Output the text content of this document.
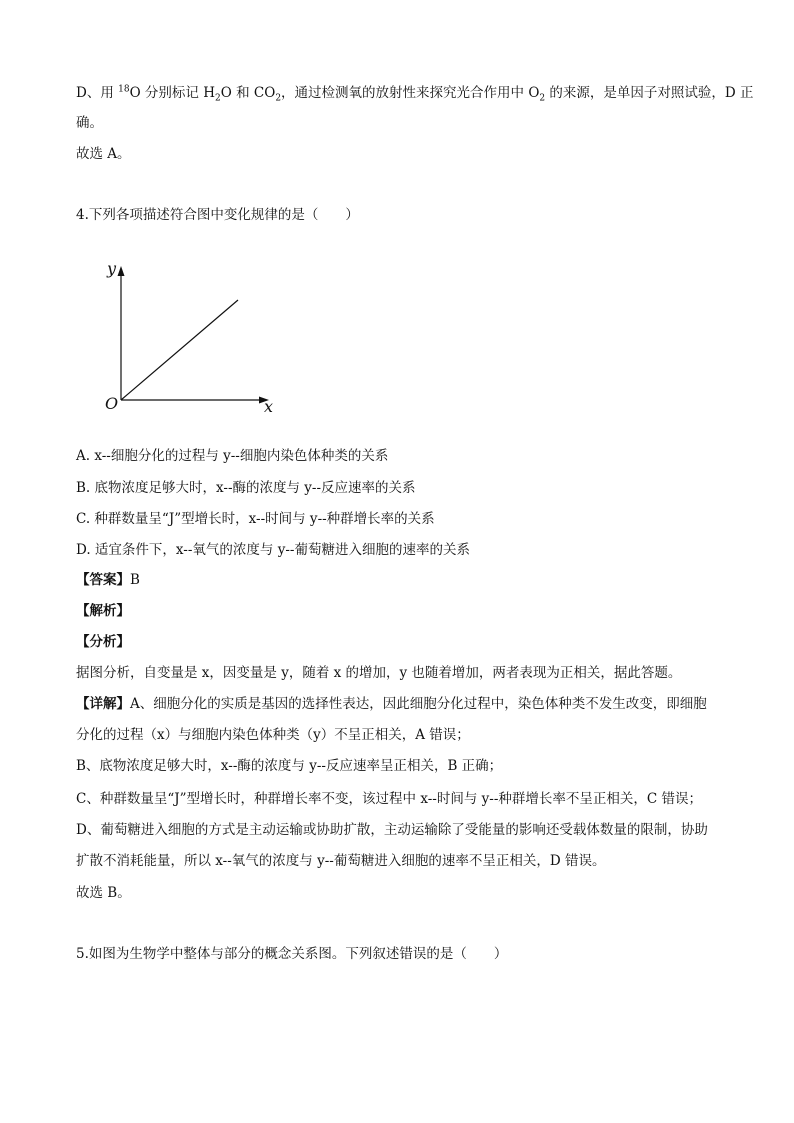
D、用 $^{18}$O 分别标记 $H_2O$ 和 $CO_2$，通过检测氧的放射性来探究光合作用中 $O_2$ 的来源，是单因子对照试验，D 正
确。
故选 A。
4.下列各项描述符合图中变化规律的是（　　）
y
x
O
A. x--细胞分化的过程与 y--细胞内染色体种类的关系
B. 底物浓度足够大时，x--酶的浓度与 y--反应速率的关系
C. 种群数量呈“J”型增长时，x--时间与 y--种群增长率的关系
D. 适宜条件下，x--氧气的浓度与 y--葡萄糖进入细胞的速率的关系
【答案】B
【解析】
【分析】
据图分析，自变量是 x，因变量是 y，随着 x 的增加，y 也随着增加，两者表现为正相关，据此答题。
【详解】A、细胞分化的实质是基因的选择性表达，因此细胞分化过程中，染色体种类不发生改变，即细胞
分化的过程（x）与细胞内染色体种类（y）不呈正相关，A 错误；
B、底物浓度足够大时，x--酶的浓度与 y--反应速率呈正相关，B 正确；
C、种群数量呈“J”型增长时，种群增长率不变，该过程中 x--时间与 y--种群增长率不呈正相关，C 错误；
D、葡萄糖进入细胞的方式是主动运输或协助扩散，主动运输除了受能量的影响还受载体数量的限制，协助
扩散不消耗能量，所以 x--氧气的浓度与 y--葡萄糖进入细胞的速率不呈正相关，D 错误。
故选 B。
5.如图为生物学中整体与部分的概念关系图。下列叙述错误的是（　　）
